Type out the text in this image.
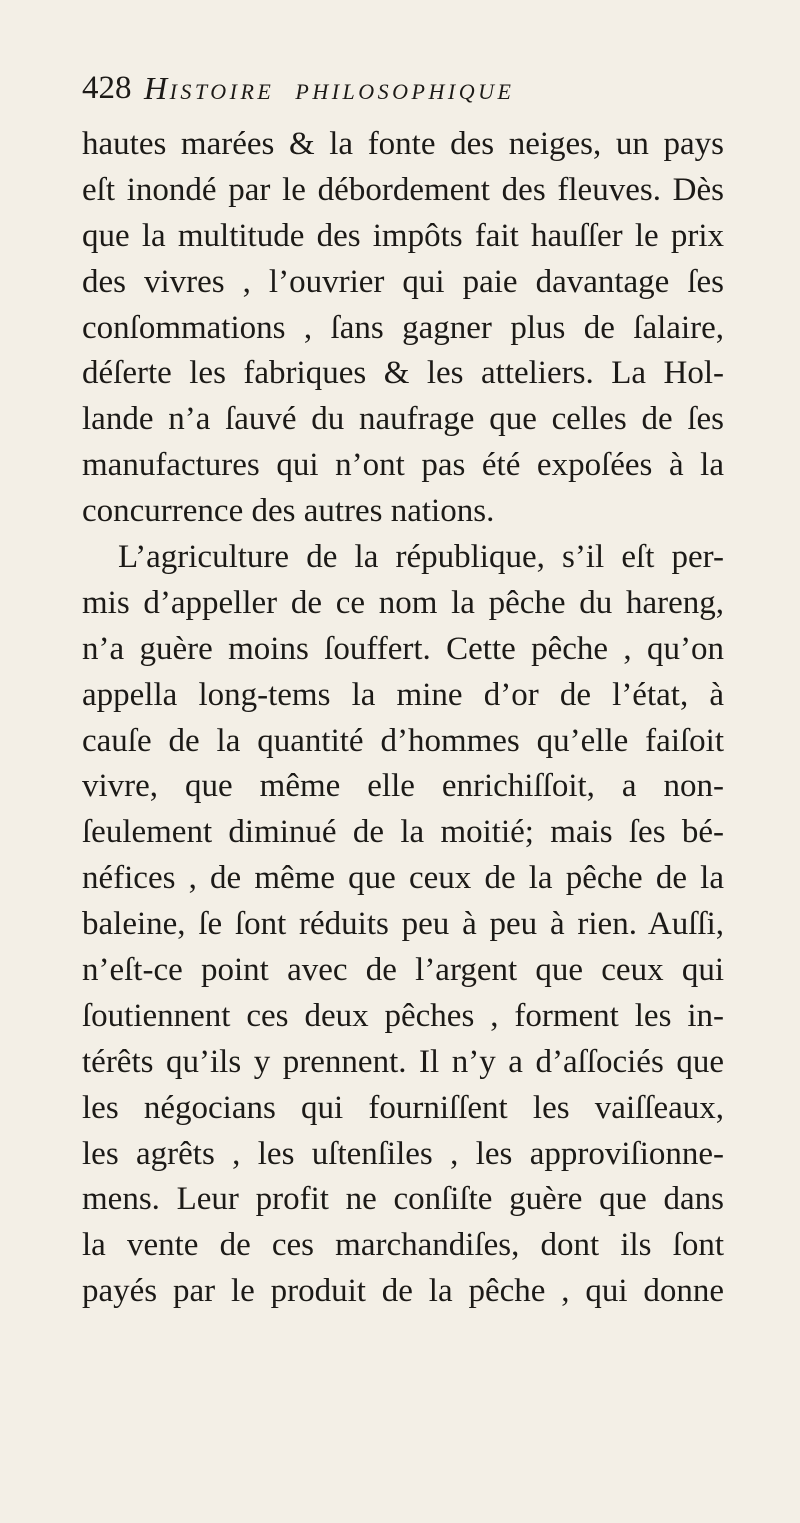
428 HISTOIRE PHILOSOPHIQUE
hautes marées & la fonte des neiges, un pays
eſt inondé par le débordement des fleuves. Dès
que la multitude des impôts fait hauſſer le prix
des vivres , l’ouvrier qui paie davantage ſes
conſommations , ſans gagner plus de ſalaire,
déſerte les fabriques & les atteliers. La Hol-
lande n’a ſauvé du naufrage que celles de ſes
manufactures qui n’ont pas été expoſées à la
concurrence des autres nations.
L’agriculture de la république, s’il eſt per-
mis d’appeller de ce nom la pêche du hareng,
n’a guère moins ſouffert. Cette pêche , qu’on
appella long-tems la mine d’or de l’état, à
cauſe de la quantité d’hommes qu’elle faiſoit
vivre, que même elle enrichiſſoit, a non-
ſeulement diminué de la moitié; mais ſes bé-
néfices , de même que ceux de la pêche de la
baleine, ſe ſont réduits peu à peu à rien. Auſſi,
n’eſt-ce point avec de l’argent que ceux qui
ſoutiennent ces deux pêches , forment les in-
térêts qu’ils y prennent. Il n’y a d’aſſociés que
les négocians qui fourniſſent les vaiſſeaux,
les agrêts , les uſtenſiles , les approviſionne-
mens. Leur profit ne conſiſte guère que dans
la vente de ces marchandiſes, dont ils ſont
payés par le produit de la pêche , qui donne
